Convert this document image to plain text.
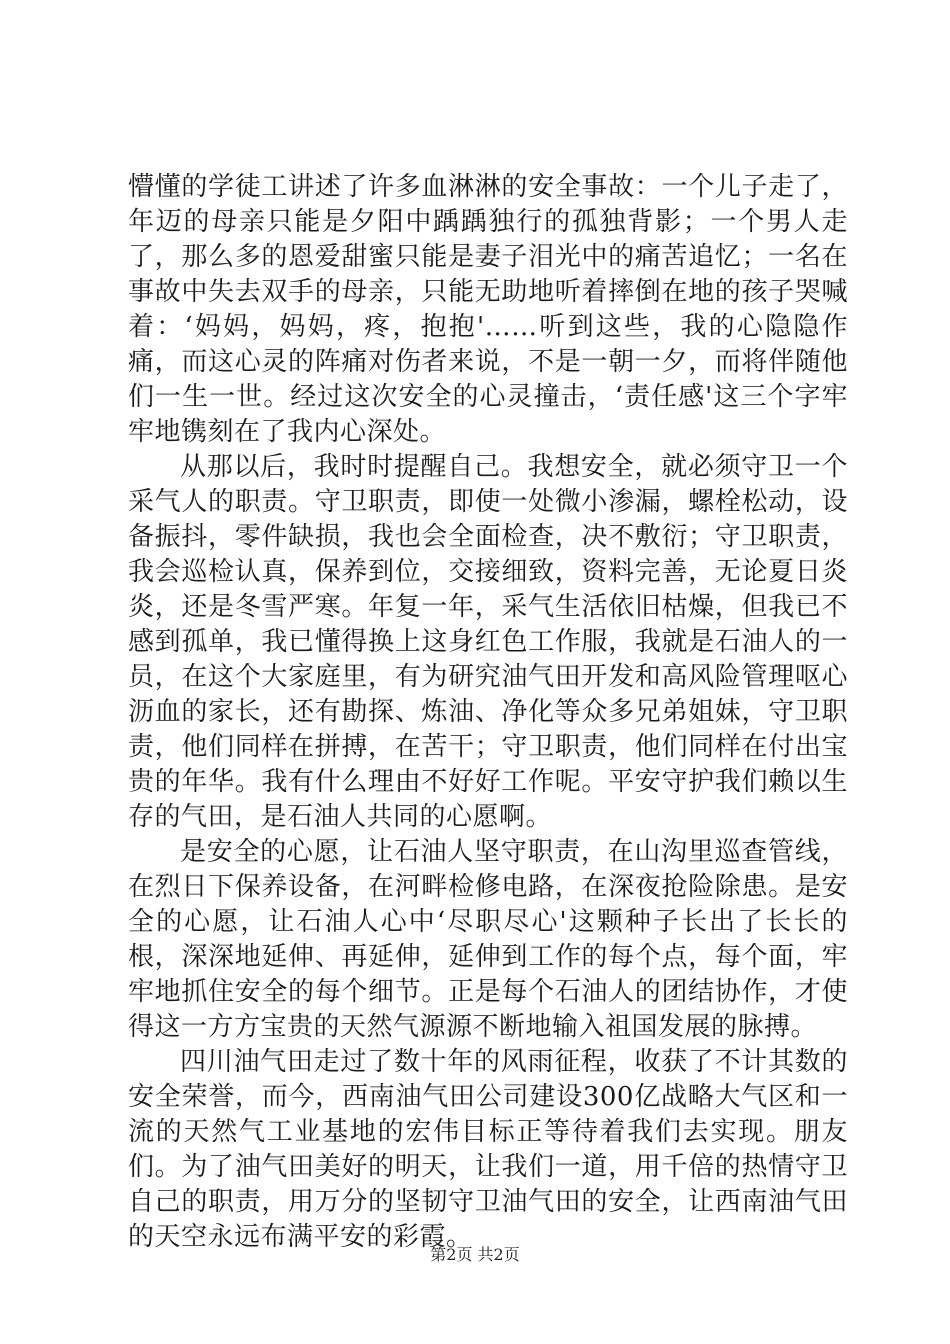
懵懂的学徒工讲述了许多血淋淋的安全事故：一个儿子走了，年迈的母亲只能是夕阳中踽踽独行的孤独背影；一个男人走了，那么多的恩爱甜蜜只能是妻子泪光中的痛苦追忆；一名在事故中失去双手的母亲，只能无助地听着摔倒在地的孩子哭喊着：‘妈妈，妈妈，疼，抱抱'……听到这些，我的心隐隐作痛，而这心灵的阵痛对伤者来说，不是一朝一夕，而将伴随他们一生一世。经过这次安全的心灵撞击，‘责任感'这三个字牢牢地镌刻在了我内心深处。

从那以后，我时时提醒自己。我想安全，就必须守卫一个采气人的职责。守卫职责，即使一处微小渗漏，螺栓松动，设备振抖，零件缺损，我也会全面检查，决不敷衍；守卫职责，我会巡检认真，保养到位，交接细致，资料完善，无论夏日炎炎，还是冬雪严寒。年复一年，采气生活依旧枯燥，但我已不感到孤单，我已懂得换上这身红色工作服，我就是石油人的一员，在这个大家庭里，有为研究油气田开发和高风险管理呕心沥血的家长，还有勘探、炼油、净化等众多兄弟姐妹，守卫职责，他们同样在拼搏，在苦干；守卫职责，他们同样在付出宝贵的年华。我有什么理由不好好工作呢。平安守护我们赖以生存的气田，是石油人共同的心愿啊。

是安全的心愿，让石油人坚守职责，在山沟里巡查管线，在烈日下保养设备，在河畔检修电路，在深夜抢险除患。是安全的心愿，让石油人心中‘尽职尽心'这颗种子长出了长长的根，深深地延伸、再延伸，延伸到工作的每个点，每个面，牢牢地抓住安全的每个细节。正是每个石油人的团结协作，才使得这一方方宝贵的天然气源源不断地输入祖国发展的脉搏。

四川油气田走过了数十年的风雨征程，收获了不计其数的安全荣誉，而今，西南油气田公司建设300亿战略大气区和一流的天然气工业基地的宏伟目标正等待着我们去实现。朋友们。为了油气田美好的明天，让我们一道，用千倍的热情守卫自己的职责，用万分的坚韧守卫油气田的安全，让西南油气田的天空永远布满平安的彩霞。

第2页 共2页
